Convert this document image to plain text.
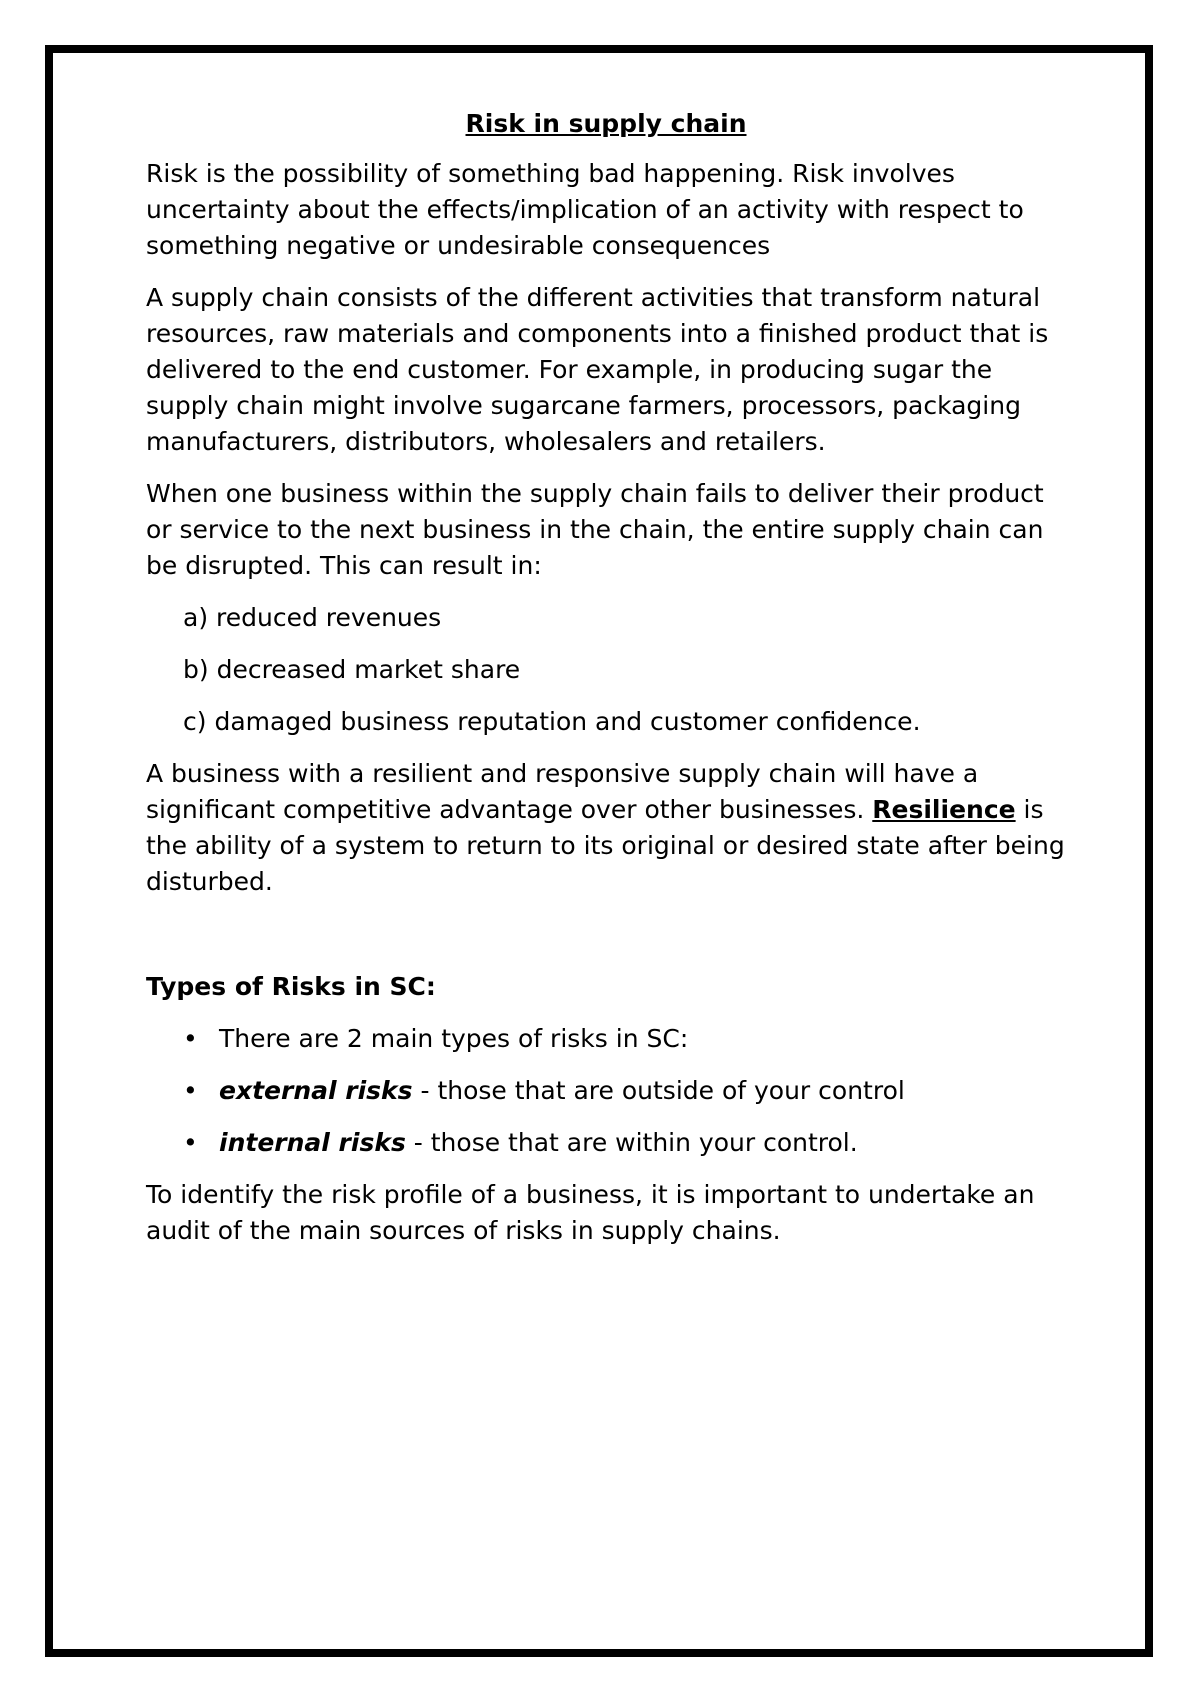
Risk in supply chain

Risk is the possibility of something bad happening. Risk involves uncertainty about the effects/implication of an activity with respect to something negative or undesirable consequences

A supply chain consists of the different activities that transform natural resources, raw materials and components into a finished product that is delivered to the end customer. For example, in producing sugar the supply chain might involve sugarcane farmers, processors, packaging manufacturers, distributors, wholesalers and retailers.

When one business within the supply chain fails to deliver their product or service to the next business in the chain, the entire supply chain can be disrupted. This can result in:

a) reduced revenues
b) decreased market share
c) damaged business reputation and customer confidence.

A business with a resilient and responsive supply chain will have a significant competitive advantage over other businesses. Resilience is the ability of a system to return to its original or desired state after being disturbed.

Types of Risks in SC:
• There are 2 main types of risks in SC:
• external risks - those that are outside of your control
• internal risks - those that are within your control.

To identify the risk profile of a business, it is important to undertake an audit of the main sources of risks in supply chains.
